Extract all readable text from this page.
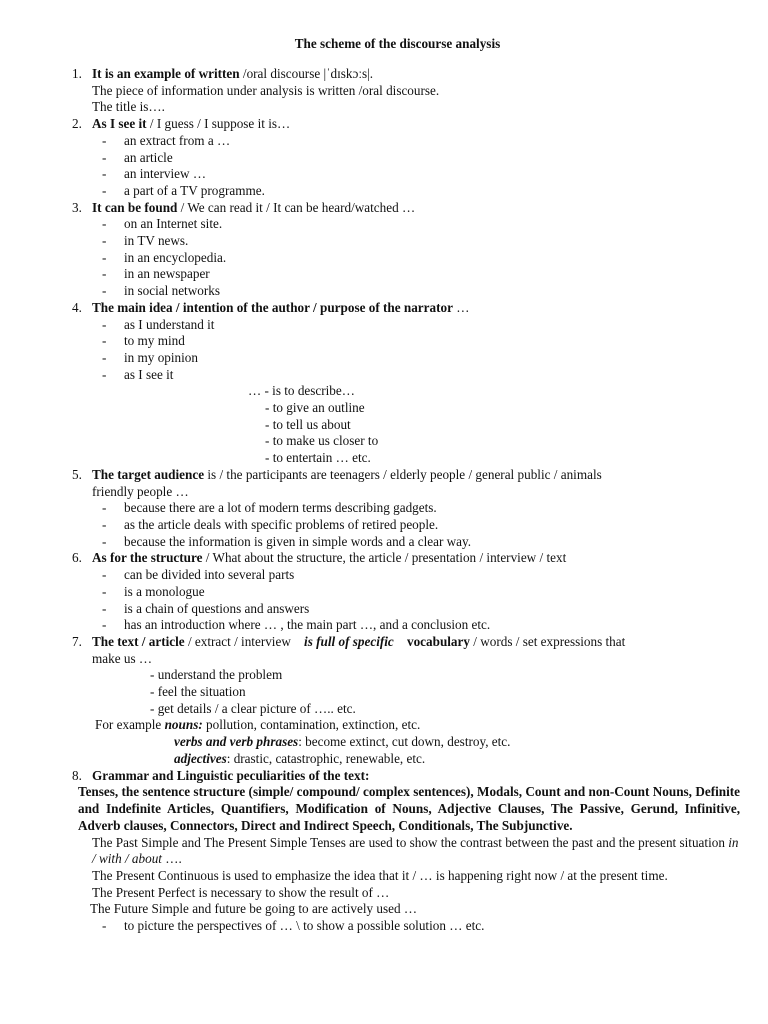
The scheme of the discourse analysis
1. It is an example of written /oral discourse |ˈdɪskɔːs|.
The piece of information under analysis is written /oral discourse.
The title is….
2. As I see it / I guess / I suppose it is…
- an extract from a …
- an article
- an interview …
- a part of a TV programme.
3. It can be found / We can read it / It can be heard/watched …
- on an Internet site.
- in TV news.
- in an encyclopedia.
- in an newspaper
- in social networks
4. The main idea / intention of the author / purpose of the narrator …
- as I understand it
- to my mind
- in my opinion
- as I see it
… - is to describe…
- to give an outline
- to tell us about
- to make us closer to
- to entertain … etc.
5. The target audience is / the participants are teenagers / elderly people / general public / animals
friendly people …
- because there are a lot of modern terms describing gadgets.
- as the article deals with specific problems of retired people.
- because the information is given in simple words and a clear way.
6. As for the structure / What about the structure, the article / presentation / interview / text
- can be divided into several parts
- is a monologue
- is a chain of questions and answers
- has an introduction where … , the main part …, and a conclusion etc.
7. The text / article / extract / interview    is full of specific vocabulary / words / set expressions that
make us …
- understand the problem
- feel the situation
- get details / a clear picture of ….. etc.
For example nouns: pollution, contamination, extinction, etc.
verbs and verb phrases: become extinct, cut down, destroy, etc.
adjectives: drastic, catastrophic, renewable, etc.
8. Grammar and Linguistic peculiarities of the text:
Tenses, the sentence structure (simple/ compound/ complex sentences), Modals, Count and non-Count Nouns, Definite and Indefinite Articles, Quantifiers, Modification of Nouns, Adjective Clauses, The Passive, Gerund, Infinitive, Adverb clauses, Connectors, Direct and Indirect Speech, Conditionals, The Subjunctive.
The Past Simple and The Present Simple Tenses are used to show the contrast between the past and the present situation in / with / about ….
The Present Continuous is used to emphasize the idea that it / … is happening right now / at the present time.
The Present Perfect is necessary to show the result of …
The Future Simple and future be going to are actively used …
- to picture the perspectives of … \ to show a possible solution … etc.
